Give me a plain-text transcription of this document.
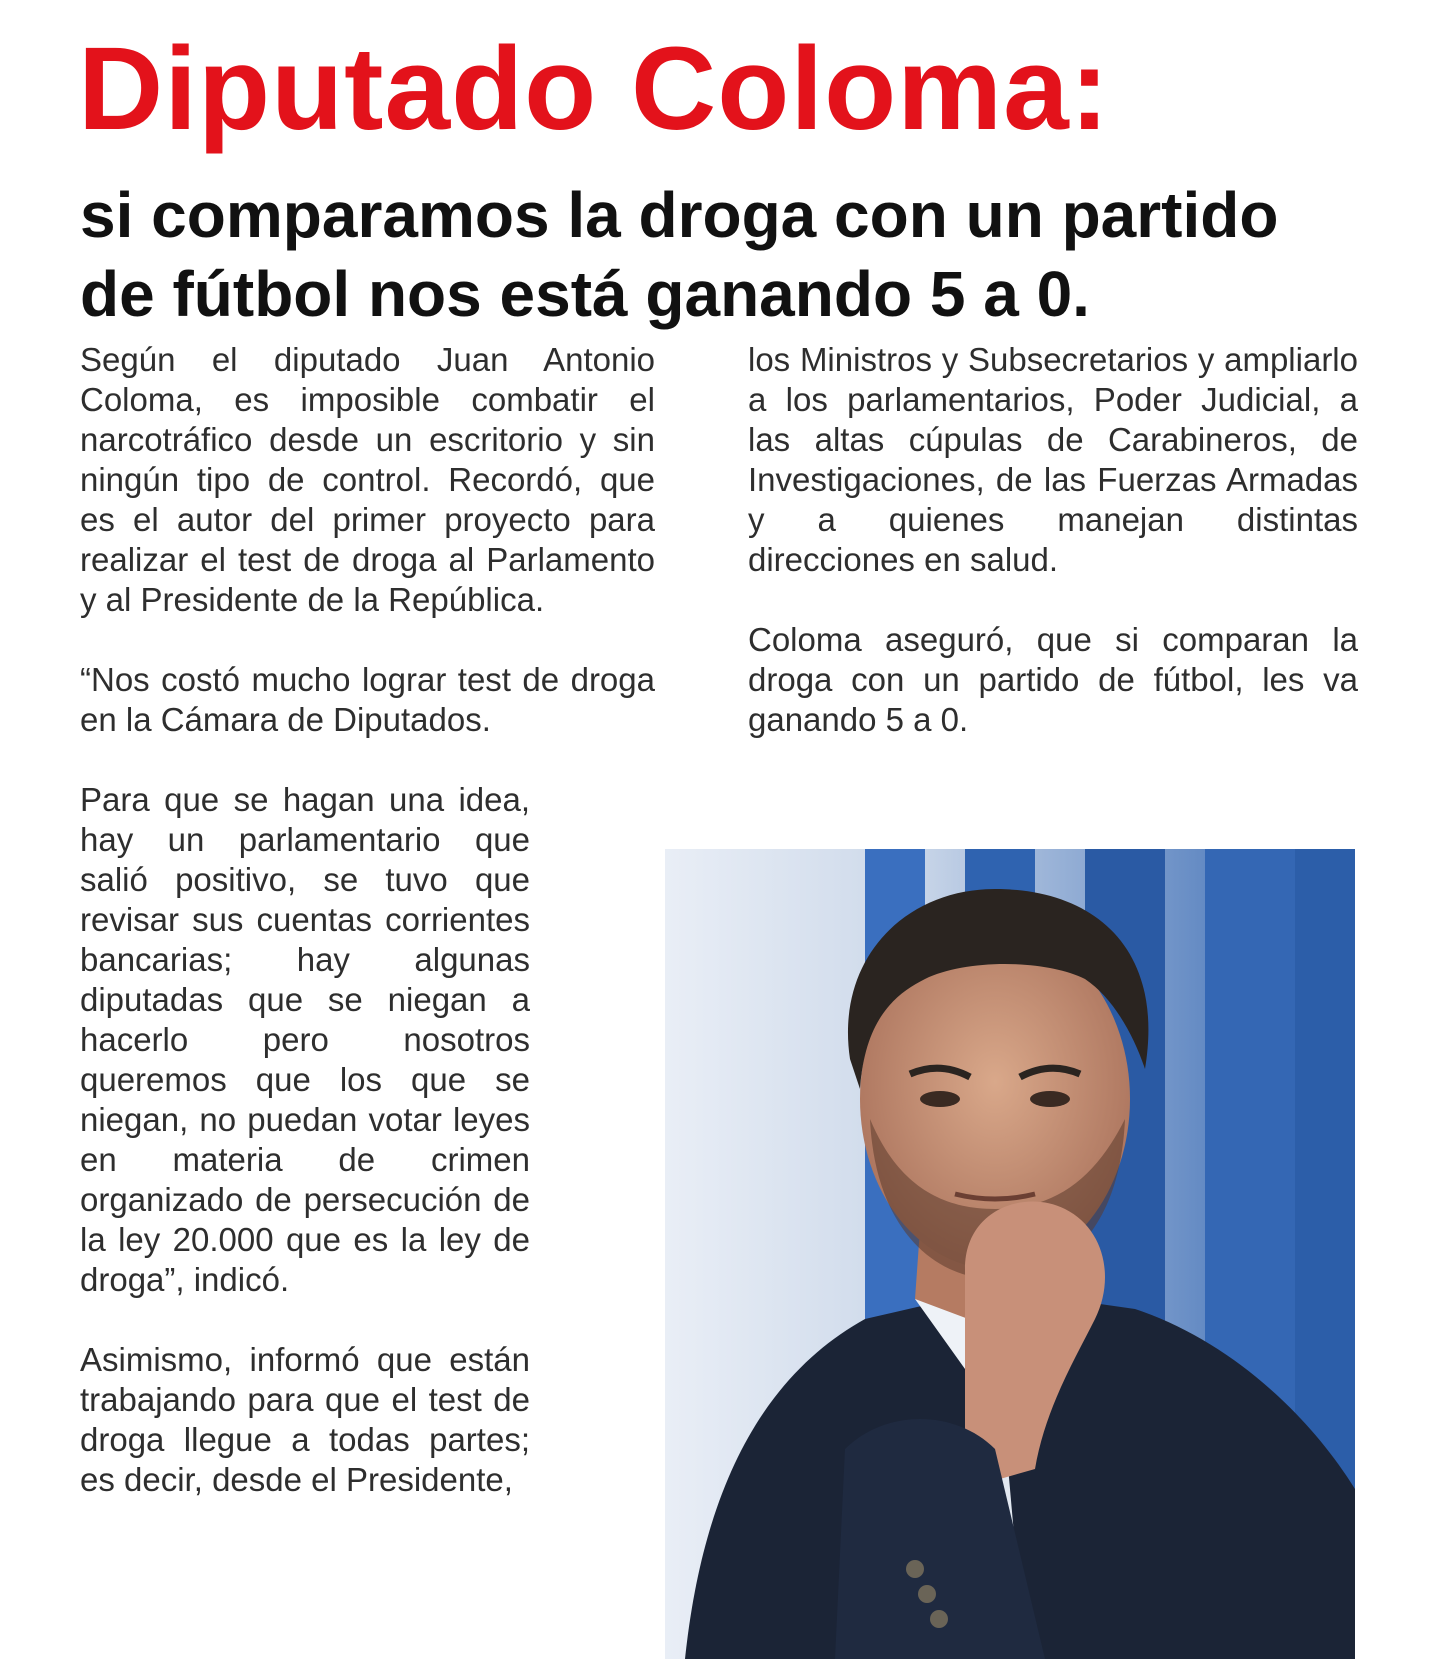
Diputado Coloma:
si comparamos la droga con un partido
de fútbol nos está ganando 5 a 0.

Según el diputado Juan Antonio Coloma, es imposible combatir el narcotráfico desde un escritorio y sin ningún tipo de control. Recordó, que es el autor del primer proyecto para realizar el test de droga al Parlamento y al Presidente de la República.

“Nos costó mucho lograr test de droga en la Cámara de Diputados.

Para que se hagan una idea, hay un parlamentario que salió positivo, se tuvo que revisar sus cuentas corrientes bancarias; hay algunas diputadas que se niegan a hacerlo pero nosotros queremos que los que se niegan, no puedan votar leyes en materia de crimen organizado de persecución de la ley 20.000 que es la ley de droga”, indicó.

Asimismo, informó que están trabajando para que el test de droga llegue a todas partes; es decir, desde el Presidente,

los Ministros y Subsecretarios y ampliarlo a los parlamentarios, Poder Judicial, a las altas cúpulas de Carabineros, de Investigaciones, de las Fuerzas Armadas y a quienes manejan distintas direcciones en salud.

Coloma aseguró, que si comparan la droga con un partido de fútbol, les va ganando 5 a 0.
